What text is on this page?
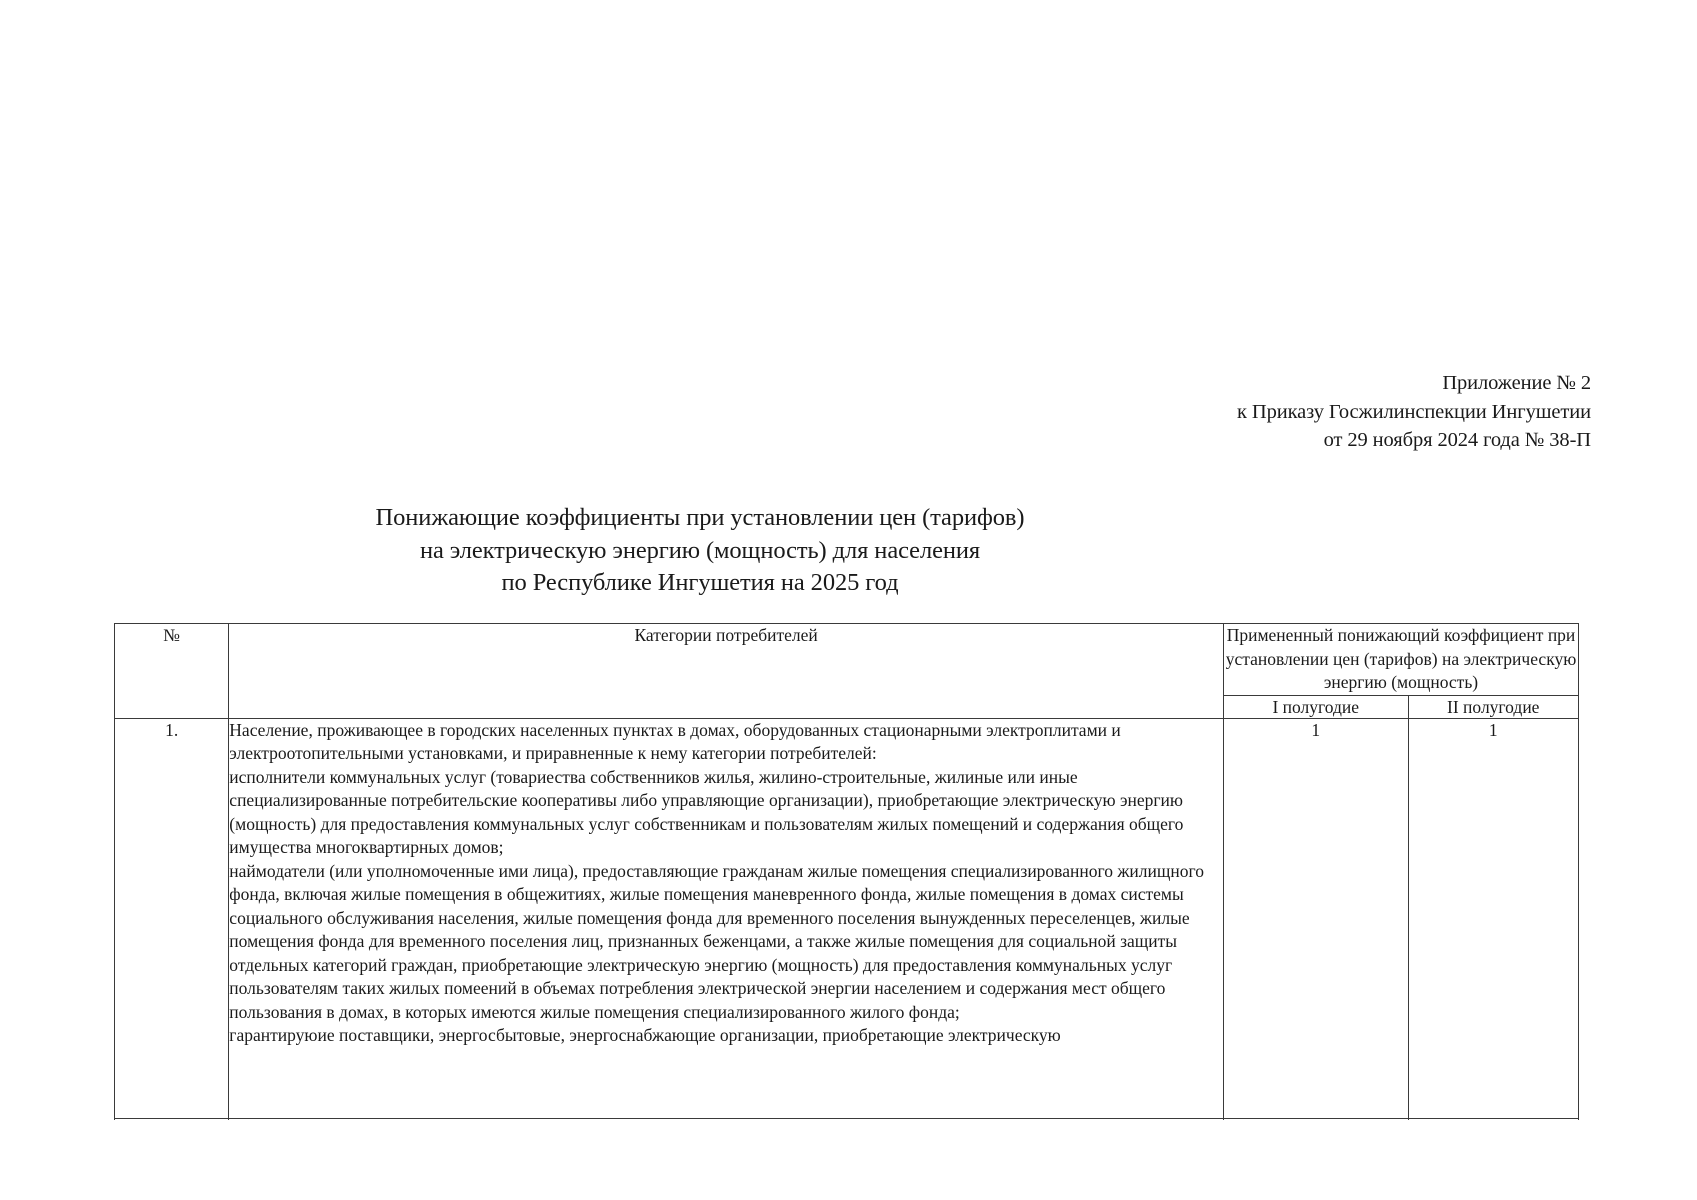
Приложение № 2
к Приказу Госжилинспекции Ингушетии
от 29 ноября 2024 года № 38-П
Понижающие коэффициенты при установлении цен (тарифов)
на электрическую энергию (мощность) для населения
по Республике Ингушетия на 2025 год
№	Категории потребителей	Примененный понижающий коэффициент при установлении цен (тарифов) на электрическую энергию (мощность)	
		I полугодие	II полугодие
1.	Население, проживающее в городских населенных пунктах в домах, оборудованных стационарными электроплитами и электроотопительными установками, и приравненные к нему категории потребителей:

исполнители коммунальных услуг (товариества собственников жилья, жилино-строительные, жилиные или иные специализированные потребительские кооперативы либо управляющие организации), приобретающие электрическую энергию (мощность) для предоставления коммунальных услуг собственникам и пользователям жилых помещений и содержания общего имущества многоквартирных домов;

наймодатели (или уполномоченные ими лица), предоставляющие гражданам жилые помещения специализированного жилищного фонда, включая жилые помещения в общежитиях, жилые помещения маневренного фонда, жилые помещения в домах системы социального обслуживания населения, жилые помещения фонда для временного поселения вынужденных переселенцев, жилые помещения фонда для временного поселения лиц, признанных беженцами, а также жилые помещения для социальной защиты отдельных категорий граждан, приобретающие электрическую энергию (мощность) для предоставления коммунальных услуг пользователям таких жилых помеений в объемах потребления электрической энергии населением и содержания мест общего пользования в домах, в которых имеются жилые помещения специализированного жилого фонда;

гарантируюие поставщики, энергосбытовые, энергоснабжающие организации, приобретающие электрическую	1	1
